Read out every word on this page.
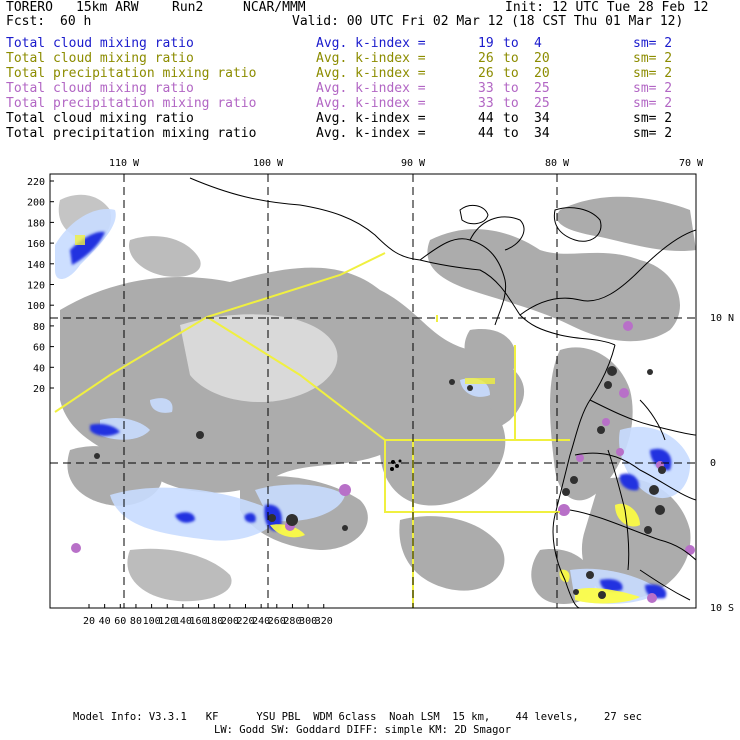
TORERO 15km ARW	Run2	NCAR/MMM	Init: 12 UTC Tue 28 Feb 12
Fcst: 60 h	Valid: 00 UTC Fri 02 Mar 12 (18 CST Thu 01 Mar 12)
Total cloud mixing ratio	Avg. k-index =	19 to 4	sm= 2
Total cloud mixing ratio	Avg. k-index =	26 to 20	sm= 2
Total precipitation mixing ratio	Avg. k-index =	26 to 20	sm= 2
Total cloud mixing ratio	Avg. k-index =	33 to 25	sm= 2
Total precipitation mixing ratio	Avg. k-index =	33 to 25	sm= 2
Total cloud mixing ratio	Avg. k-index =	44 to 34	sm= 2
Total precipitation mixing ratio	Avg. k-index =	44 to 34	sm= 2
20 40 60 80 100
120
140
160
180
200
220
240
260
280
300
320
220
200
180
160
140
120
100
80
60
40
20
110 W	100 W	90 W	80 W	70 W
10 N
0
10 S
Model Info: V3.3.1   KF      YSU PBL  WDM 6class  Noah LSM  15 km,    44 levels,    27 sec
LW: Godd SW: Goddard DIFF: simple KM: 2D Smagor
